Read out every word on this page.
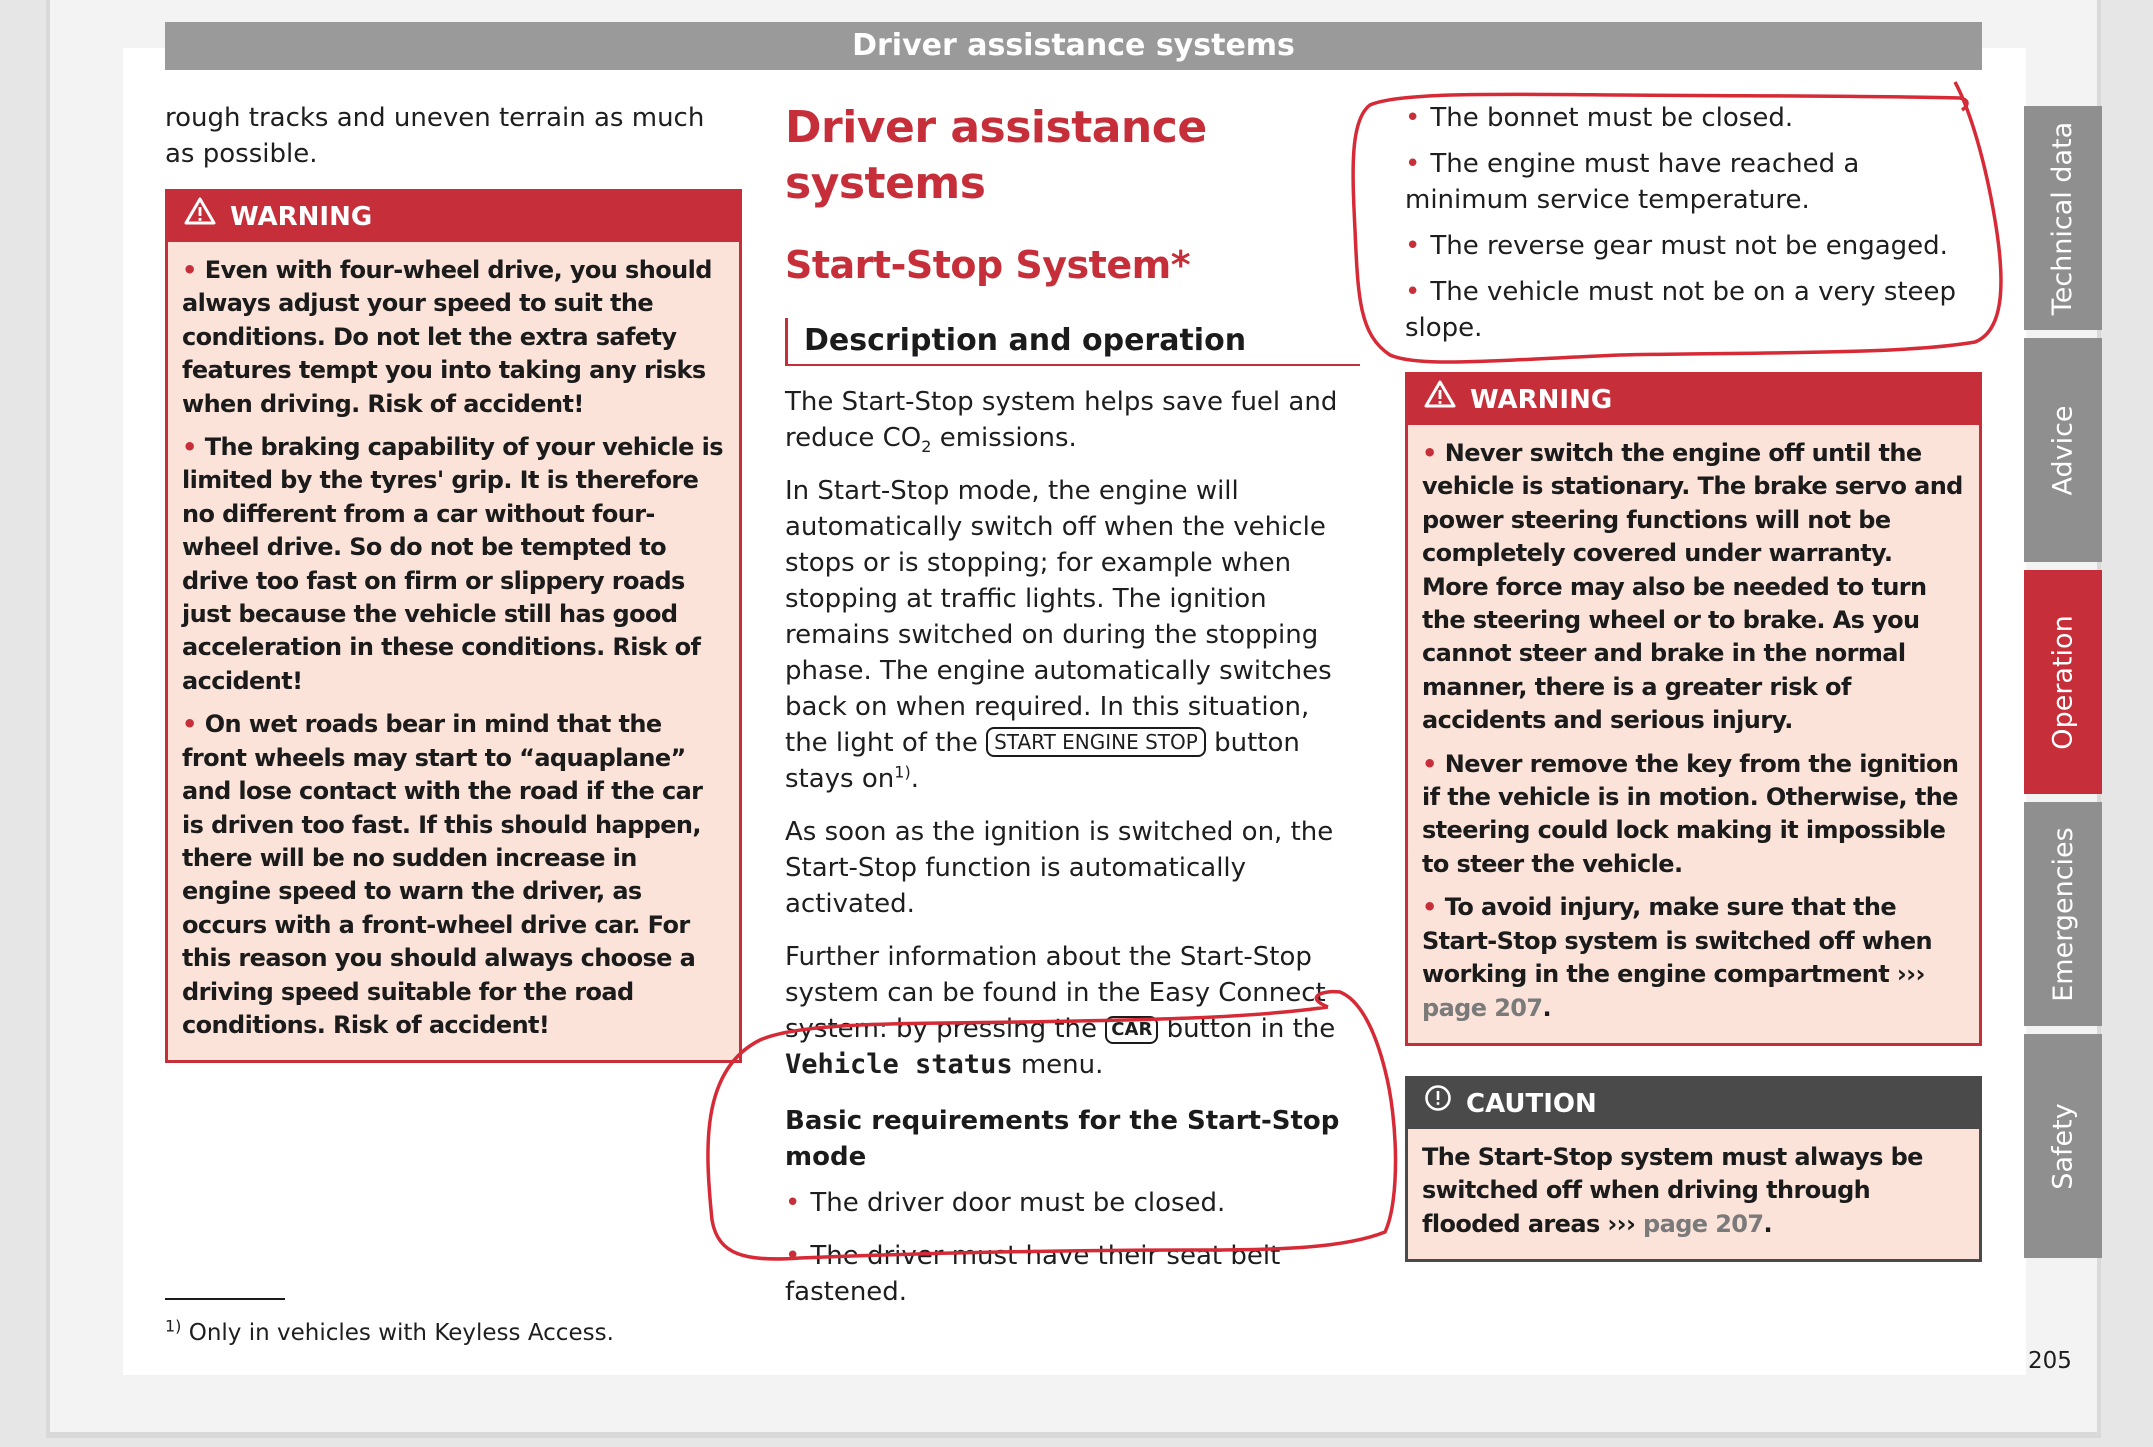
Driver assistance systems
rough tracks and uneven terrain as much as possible.
WARNING

• Even with four-wheel drive, you should always adjust your speed to suit the conditions. Do not let the extra safety features tempt you into taking any risks when driving. Risk of accident!

• The braking capability of your vehicle is limited by the tyres' grip. It is therefore no different from a car without four-wheel drive. So do not be tempted to drive too fast on firm or slippery roads just because the vehicle still has good acceleration in these conditions. Risk of accident!

• On wet roads bear in mind that the front wheels may start to “aquaplane” and lose contact with the road if the car is driven too fast. If this should happen, there will be no sudden increase in engine speed to warn the driver, as occurs with a front-wheel drive car. For this reason you should always choose a driving speed suitable for the road conditions. Risk of accident!

Driver assistance systems
Start-Stop System*
Description and operation
The Start-Stop system helps save fuel and reduce $CO_2$ emissions.
In Start-Stop mode, the engine will automatically switch off when the vehicle stops or is stopping; for example when stopping at traffic lights. The ignition remains switched on during the stopping phase. The engine automatically switches back on when required. In this situation, the light of the START ENGINE STOP button stays $on^{1)}$.
As soon as the ignition is switched on, the Start-Stop function is automatically activated.
Further information about the Start-Stop system can be found in the Easy Connect system: by pressing the CAR button in the Vehicle status menu.
Basic requirements for the Start-Stop mode
• The driver door must be closed.
• The driver must have their seat belt fastened.
• The bonnet must be closed.
• The engine must have reached a minimum service temperature.
• The reverse gear must not be engaged.
• The vehicle must not be on a very steep slope.
WARNING

• Never switch the engine off until the vehicle is stationary. The brake servo and power steering functions will not be completely covered under warranty. More force may also be needed to turn the steering wheel or to brake. As you cannot steer and brake in the normal manner, there is a greater risk of accidents and serious injury.

• Never remove the key from the ignition if the vehicle is in motion. Otherwise, the steering could lock making it impossible to steer the vehicle.

• To avoid injury, make sure that the Start-Stop system is switched off when working in the engine compartment ››› page 207.

CAUTION

The Start-Stop system must always be switched off when driving through flooded areas ››› page 207.

$^{1)}$ Only in vehicles with Keyless Access.
205
Technical data
Advice
Operation
Emergencies
Safety
